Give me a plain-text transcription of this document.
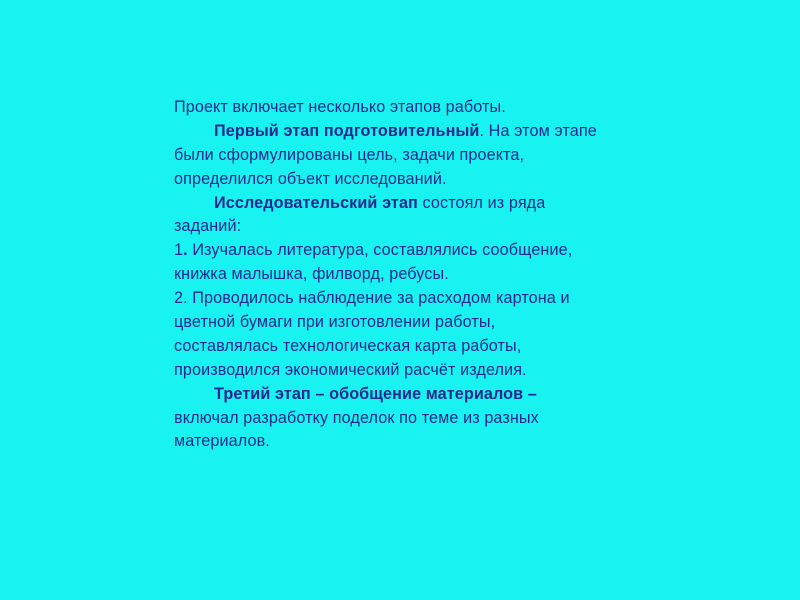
Проект включает несколько этапов работы.
Первый этап подготовительный. На этом этапе
были сформулированы цель, задачи проекта,
определился объект исследований.
Исследовательский этап состоял из ряда
заданий:
1. Изучалась литература, составлялись сообщение,
книжка малышка, филворд, ребусы.
2. Проводилось наблюдение за расходом картона и
цветной бумаги при изготовлении работы,
составлялась технологическая карта работы,
производился экономический расчёт изделия.
Третий этап – обобщение материалов –
включал разработку поделок по теме из разных
материалов.
